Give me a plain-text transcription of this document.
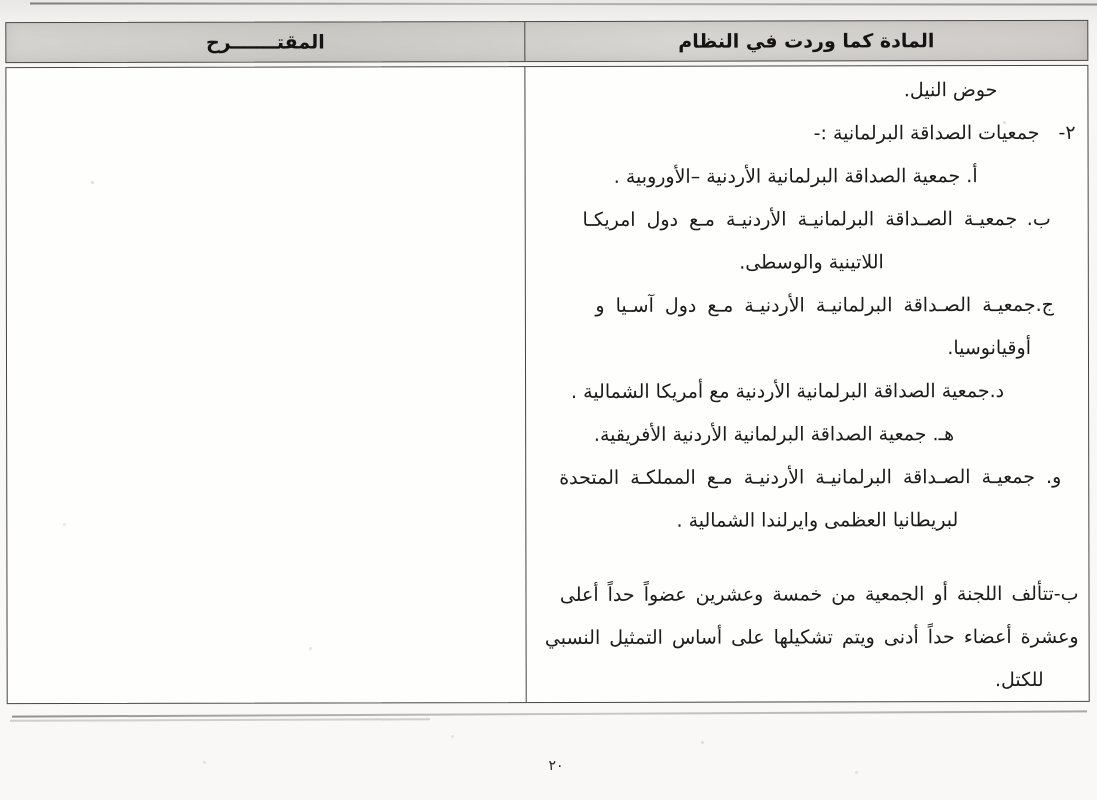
المقتـــــــرح	المادة كما وردت في النظام
حوض النيل.
٢- جمعيات الصداقة البرلمانية :-
أ. جمعية الصداقة البرلمانية الأردنية –الأوروبية .
ب. جمعيـة الصـداقة البرلمانيـة الأردنيـة مـع دول امريكـا
اللاتينية والوسطى.
ج.جمعيـة الصـداقة البرلمانيـة الأردنيـة مـع دول آسـيا و
أوقيانوسيا.
د.جمعية الصداقة البرلمانية الأردنية مع أمريكا الشمالية .
هـ. جمعية الصداقة البرلمانية الأردنية الأفريقية.
و. جمعيـة الصـداقة البرلمانيـة الأردنيـة مـع المملكـة المتحدة
لبريطانيا العظمى وايرلندا الشمالية .
ب-تتألف اللجنة أو الجمعية من خمسة وعشرين عضواً حداً أعلى
وعشرة أعضاء حداً أدنى ويتم تشكيلها على أساس التمثيل النسبي
للكتل.
٢٠
